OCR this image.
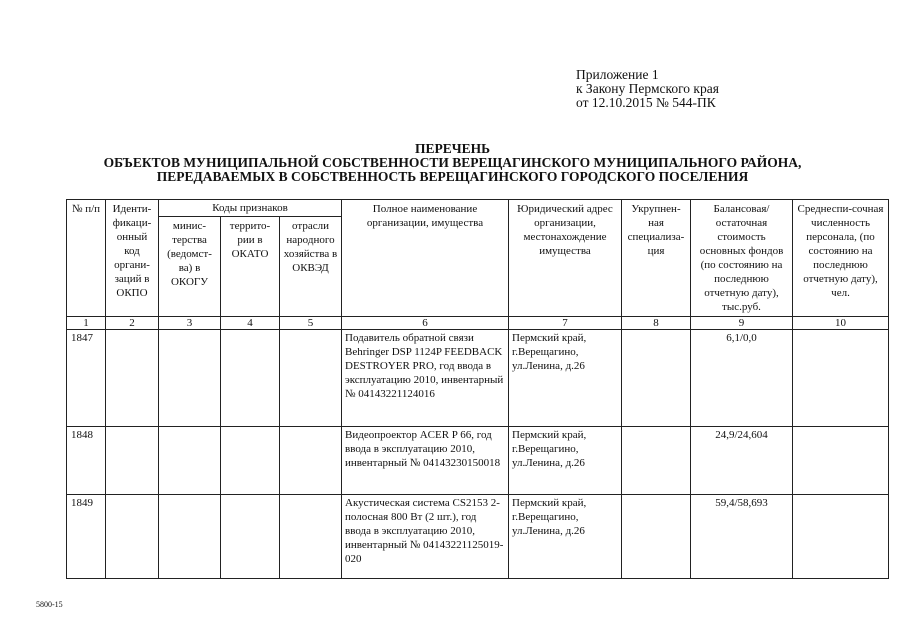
Приложение 1
к Закону Пермского края
от 12.10.2015 № 544-ПК
ПЕРЕЧЕНЬ
ОБЪЕКТОВ МУНИЦИПАЛЬНОЙ СОБСТВЕННОСТИ ВЕРЕЩАГИНСКОГО МУНИЦИПАЛЬНОГО РАЙОНА,
ПЕРЕДАВАЕМЫХ В СОБСТВЕННОСТЬ ВЕРЕЩАГИНСКОГО ГОРОДСКОГО ПОСЕЛЕНИЯ
№ п/п	Иденти-фикаци-онный код органи-заций в ОКПО	Коды признаков			Полное наименование организации, имущества	Юридический адрес организации, местонахождение имущества	Укрупнен-ная специализа-ция	Балансовая/ остаточная стоимость основных фондов (по состоянию на последнюю отчетную дату), тыс.руб.	Среднеспи-сочная численность персонала, (по состоянию на последнюю отчетную дату), чел.
		минис-терства (ведомст-ва) в ОКОГУ	террито-рии в ОКАТО	отрасли народного хозяйства в ОКВЭД					
1	2	3	4	5	6	7	8	9	10
1847					Подавитель обратной связи Behringer DSP 1124P FEEDBACK DESTROYER PRO, год ввода в эксплуатацию 2010, инвентарный № 04143221124016	Пермский край, г.Верещагино, ул.Ленина, д.26		6,1/0,0	
1848					Видеопроектор ACER P 66, год ввода в эксплуатацию 2010, инвентарный № 04143230150018	Пермский край, г.Верещагино, ул.Ленина, д.26		24,9/24,604	
1849					Акустическая система CS2153 2-полосная 800 Вт (2 шт.), год ввода в эксплуатацию 2010, инвентарный № 04143221125019-020	Пермский край, г.Верещагино, ул.Ленина, д.26		59,4/58,693	
5800-15
